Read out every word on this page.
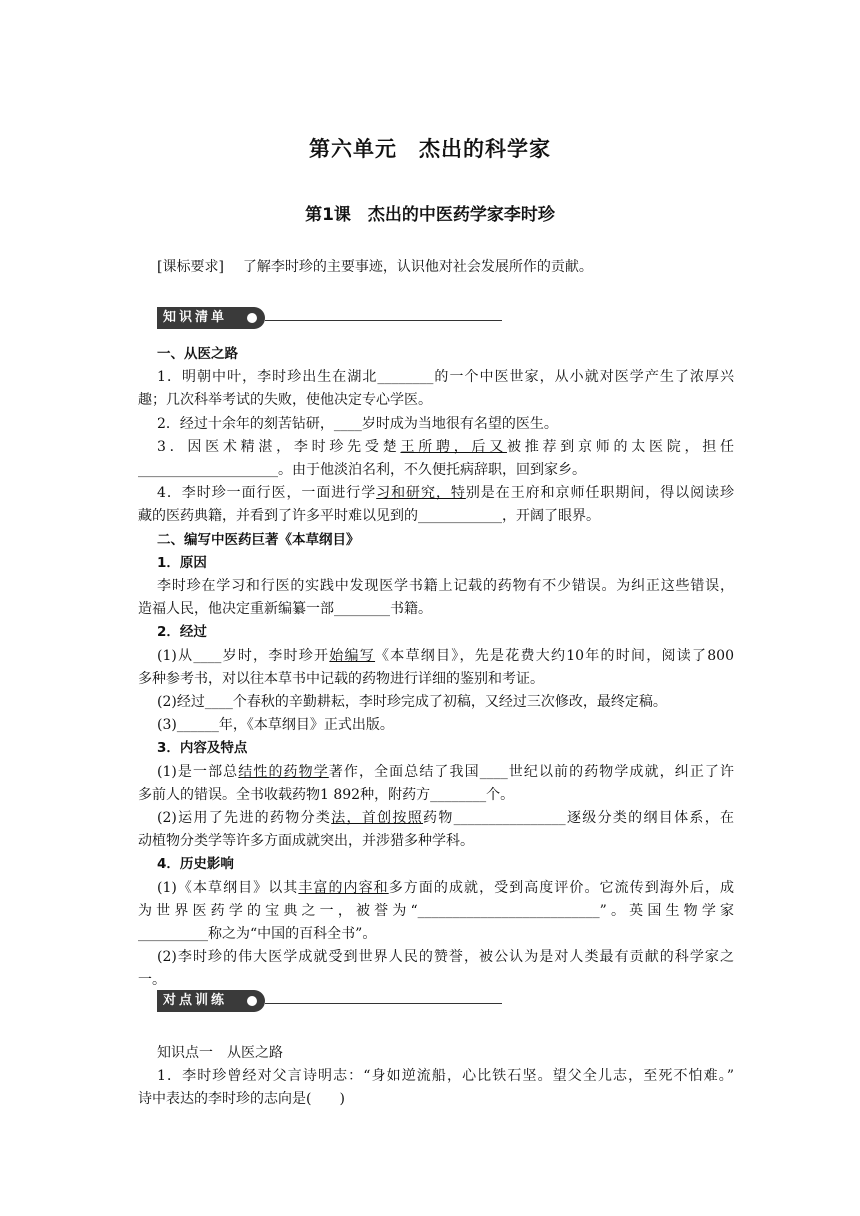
第六单元　杰出的科学家
第1课　杰出的中医药学家李时珍
[课标要求] 了解李时珍的主要事迹，认识他对社会发展所作的贡献。
知识清单

一、从医之路

1．明朝中叶，李时珍出生在湖北________的一个中医世家，从小就对医学产生了浓厚兴

趣；几次科举考试的失败，使他决定专心学医。

2．经过十余年的刻苦钻研，____岁时成为当地很有名望的医生。

3．因医术精湛，李时珍先受楚王所聘，后又被推荐到京师的太医院，担任

____________________。由于他淡泊名利，不久便托病辞职，回到家乡。

4．李时珍一面行医，一面进行学习和研究，特别是在王府和京师任职期间，得以阅读珍

藏的医药典籍，并看到了许多平时难以见到的____________，开阔了眼界。

二、编写中医药巨著《本草纲目》

1．原因

李时珍在学习和行医的实践中发现医学书籍上记载的药物有不少错误。为纠正这些错误，

造福人民，他决定重新编纂一部________书籍。

2．经过

(1)从____岁时，李时珍开始编写《本草纲目》，先是花费大约10年的时间，阅读了800

多种参考书，对以往本草书中记载的药物进行详细的鉴别和考证。

(2)经过____个春秋的辛勤耕耘，李时珍完成了初稿，又经过三次修改，最终定稿。

(3)______年，《本草纲目》正式出版。

3．内容及特点

(1)是一部总结性的药物学著作，全面总结了我国____世纪以前的药物学成就，纠正了许

多前人的错误。全书收载药物1 892种，附药方________个。

(2)运用了先进的药物分类法，首创按照药物________________逐级分类的纲目体系，在

动植物分类学等许多方面成就突出，并涉猎多种学科。

4．历史影响

(1)《本草纲目》以其丰富的内容和多方面的成就，受到高度评价。它流传到海外后，成

为世界医药学的宝典之一，被誉为“__________________________”。英国生物学家

__________称之为“中国的百科全书”。

(2)李时珍的伟大医学成就受到世界人民的赞誉，被公认为是对人类最有贡献的科学家之

一。

对点训练

知识点一　从医之路

1．李时珍曾经对父言诗明志：“身如逆流船，心比铁石坚。望父全儿志，至死不怕难。”

诗中表达的李时珍的志向是(　　)
